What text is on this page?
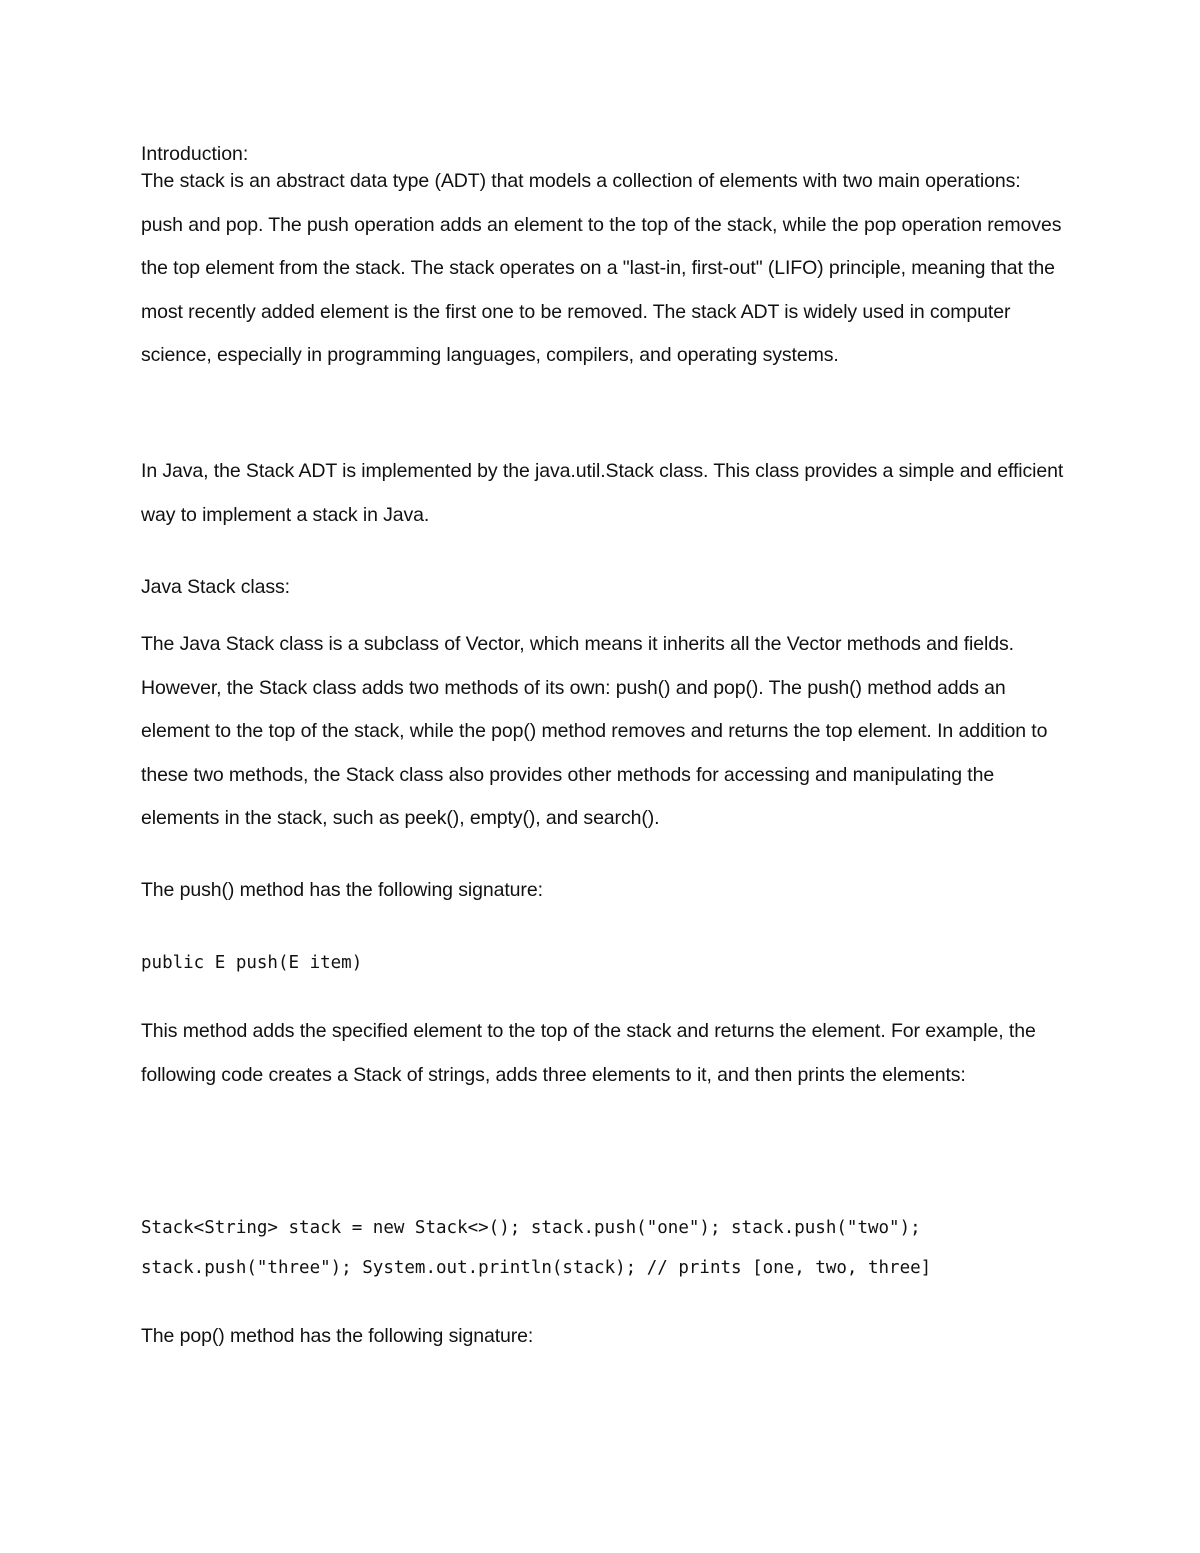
Introduction:

The stack is an abstract data type (ADT) that models a collection of elements with two main operations: push and pop. The push operation adds an element to the top of the stack, while the pop operation removes the top element from the stack. The stack operates on a "last-in, first-out" (LIFO) principle, meaning that the most recently added element is the first one to be removed. The stack ADT is widely used in computer science, especially in programming languages, compilers, and operating systems.

In Java, the Stack ADT is implemented by the java.util.Stack class. This class provides a simple and efficient way to implement a stack in Java.

Java Stack class:

The Java Stack class is a subclass of Vector, which means it inherits all the Vector methods and fields. However, the Stack class adds two methods of its own: push() and pop(). The push() method adds an element to the top of the stack, while the pop() method removes and returns the top element. In addition to these two methods, the Stack class also provides other methods for accessing and manipulating the elements in the stack, such as peek(), empty(), and search().

The push() method has the following signature:

public E push(E item)

This method adds the specified element to the top of the stack and returns the element. For example, the following code creates a Stack of strings, adds three elements to it, and then prints the elements:

Stack<String> stack = new Stack<>(); stack.push("one"); stack.push("two"); stack.push("three"); System.out.println(stack); // prints [one, two, three]

The pop() method has the following signature:
